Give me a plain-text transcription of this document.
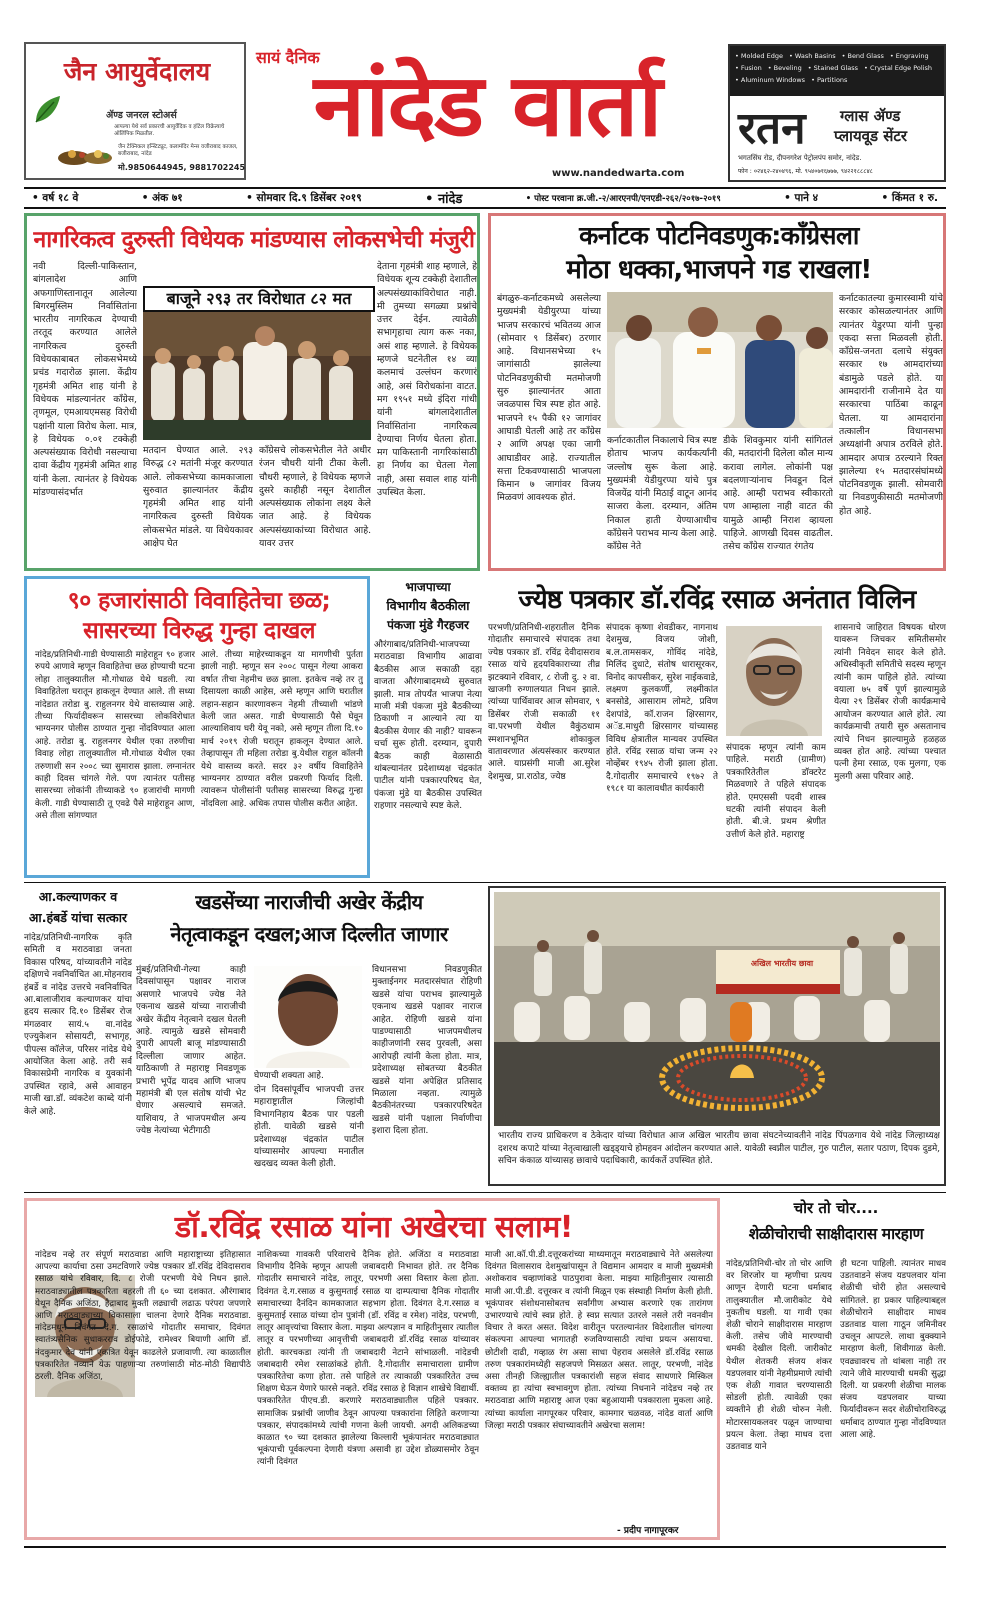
जैन आयुर्वेदालय
ॲण्ड जनरल स्टोअर्स
आपल्या येथे सर्व प्रकारची आयुर्वेदिक व हॉटेल विक्रेत्याचे ऑलिंपिक मिळतील.
जैन टेक्निकल इन्स्टिट्यूट, कलामंदिर मेन्स वजीराबाद काजल, बजीराबाद, नांदेड
मो.9850644945, 9881702245
सायं दैनिक
नांदेड वार्ता
www.nandedwarta.com
• Molded Edge • Wash Basins • Bend Glass • Engraving• Fusion • Beveling • Stained Glass • Crystal Edge Polish• Aluminum Windows • Partitions
रतन ग्लास ॲण्ड
प्लायवूड सेंटर
भगतसिंघ रोड, दीपनगरेश पेट्रोलपंप समोर, नांदेड.
फोन : ०२४६२-२४०४९६, मो. ९५४०७१६७७७, ९४२२१८८८४८
• वर्ष १८ वे	• अंक ७१	• सोमवार दि.९ डिसेंबर २०१९	• नांदेड	• पोस्ट परवाना क्र.जी.-२/आरएनपी/एनएडी-२६२/२०१७-२०१९	• पाने ४	• किंमत १ रु.
नागरिकत्व दुरुस्ती विधेयक मांडण्यास लोकसभेची मंजुरी
नवी दिल्ली-पाकिस्तान, बांगलादेश आणि अफगाणिस्तानातून आलेल्या बिगरमुस्लिम निर्वासितांना भारतीय नागरिकत्व देण्याची तरतूद करण्यात आलेले नागरिकत्व दुरुस्ती विधेयकाबाबत लोकसभेमध्ये प्रचंड गदारोळ झाला. केंद्रीय गृहमंत्री अमित शाह यांनी हे विधेयक मांडल्यानंतर काँग्रेस, तृणमूल, एमआयएमसह विरोधी पक्षांनी याला विरोध केला. मात्र, हे विधेयक ०.०१ टक्केही अल्पसंख्याक विरोधी नसल्याचा दावा केंद्रीय गृहमंत्री अमित शाह यांनी केला. त्यानंतर हे विधेयक मांडण्यासंदर्भात
बाजूने २९३ तर विरोधात ८२ मत
मतदान घेण्यात आले. २९३ विरुद्ध ८२ मतांनी मंजूर करण्यात आले. लोकसभेच्या कामकाजाला सुरुवात झाल्यानंतर केंद्रीय गृहमंत्री अमित शाह यांनी नागरिकत्व दुरुस्ती विधेयक लोकसभेत मांडले. या विधेयकावर आक्षेप घेत
काँग्रेसचे लोकसभेतील नेते अधीर रंजन चौधरी यांनी टीका केली. चौधरी म्हणाले, हे विधेयक म्हणजे दुसरे काहीही नसून देशातील अल्पसंख्याक लोकांना लक्ष्य केले जात आहे. हे विधेयक अल्पसंख्याकांच्या विरोधात आहे. यावर उत्तर
देताना गृहमंत्री शाह म्हणाले, हे विधेयक शून्य टक्केही देशातील अल्पसंख्याकांविरोधात नाही. मी तुमच्या सगळ्या प्रश्नांचे उत्तर देईन. त्यावेळी सभागृहाचा त्याग करू नका, असं शाह म्हणाले. हे विधेयक म्हणजे घटनेतील १४ व्या कलमाचं उल्लंघन करणारं आहे, असं विरोधकांना वाटत. मग १९५१ मध्ये इंदिरा गांधी यांनी बांगलादेशातील निर्वासितांना नागरिकत्व देण्याचा निर्णय घेतला होता. मग पाकिस्तानी नागरिकांसाठी हा निर्णय का घेतला गेला नाही, असा सवाल शाह यांनी उपस्थित केला.
कर्नाटक पोटनिवडणुक:काँग्रेसला
मोठा धक्का,भाजपने गड राखला!
बंगळुरु-कर्नाटकमध्ये असलेल्या मुख्यमंत्री येडीयुरप्पा यांच्या भाजप सरकारचं भवितव्य आज (सोमवार ९ डिसेंबर) ठरणार आहे. विधानसभेच्या १५ जागांसाठी झालेल्या पोटनिवडणुकीची मतमोजणी सुरु झाल्यानंतर आता जवळपास चित्र स्पष्ट होत आहे. भाजपने १५ पैकी १२ जागांवर आघाडी घेतली आहे तर काँग्रेस २ आणि अपक्ष एका जागी आघाडीवर आहे. राज्यातील सत्ता टिकवण्यासाठी भाजपला किमान ७ जागांवर विजय मिळवणं आवश्यक होतं.
कर्नाटकातील निकालाचे चित्र स्पष्ट होताच भाजप कार्यकर्त्यांनी जल्लोष सुरू केला आहे. मुख्यमंत्री येडीयुरप्पा यांचे पुत्र विजयेंद्र यांनी मिठाई वाटून आनंद साजरा केला. दरम्यान, अंतिम निकाल हाती येण्याआधीच काँग्रेसने पराभव मान्य केला आहे. काँग्रेस नेते
डीके शिवकुमार यांनी सांगितलं की, मतदारांनी दिलेला कौल मान्य करावा लागेल. लोकांनी पक्ष बदलणाऱ्यांनाच निवडून दिलं आहे. आम्ही पराभव स्वीकारतो पण आम्हाला नाही वाटत की यामुळे आम्ही निराश व्हायला पाहिजे. आणखी दिवस वाढतील. तसेच काँग्रेस राज्यात रंगतेय
कर्नाटकातल्या कुमारस्वामी यांचे सरकार कोसळल्यानंतर आणि त्यानंतर येडुरप्पा यांनी पुन्हा एकदा सत्ता मिळवली होती. काँग्रेस-जनता दलाचे संयुक्त सरकार १७ आमदारांच्या बंडामुळे पडले होते. या आमदारांनी राजीनामे देत या सरकारचा पाठिंबा काढून घेतला. या आमदारांना तत्कालीन विधानसभा अध्यक्षांनी अपात्र ठरविले होते. आमदार अपात्र ठरल्याने रिक्त झालेल्या १५ मतदारसंघांमध्ये पोटनिवडणूक झाली. सोमवारी या निवडणुकीसाठी मतमोजणी होत आहे.
९० हजारांसाठी विवाहितेचा छळ;
सासरच्या विरुद्ध गुन्हा दाखल
नांदेड/प्रतिनिधी-गाडी घेण्यासाठी माहेराहून ९० हजार रुपये आणावे म्हणून विवाहितेचा छळ होण्याची घटना लोहा तालुक्यातील मौ.गोधाळ येथे घडली. त्या विवाहितेला घरातून हाकलून देण्यात आले. ती सध्या नांदेडात तरोडा बु. राहुलनगर येथे वास्तव्यास आहे. तीच्या फिर्यादीवरून सासरच्या लोकविरोधात भाग्यनगर पोलीस ठाण्यात गुन्हा नोंदविण्यात आला आहे. तरोडा बु. राहुलनगर येथील एका तरुणीचा विवाह लोहा तालुक्यातील मौ.गोधाळ येथील एका तरुणाशी सन २००८ च्या सुमारास झाला. लग्नानंतर काही दिवस चांगले गेले. पण त्यानंतर पतीसह सासरच्या लोकांनी तीच्याकडे ९० हजारांची मागणी केली. गाडी घेण्यासाठी तू एवढे पैसे माहेराहून आण, असे तीला सांगण्यात
आले. तीच्या माहेरच्याकडून या मागणीची पुर्तता झाली नाही. म्हणून सन २००८ पासून गेल्या आकरा वर्षात तीचा नेहमीच छळ झाला. इतकेच नव्हे तर तु दिसायला काळी आहेस, असे म्हणून आणि घरातील लहान-सहान कारणावरून नेहमी तीच्याशी भांडणे केली जात असत. गाडी घेण्यासाठी पैसे घेवून आल्याशिवाय घरी येवू नको, असे म्हणून तीला दि.१० मार्च २०१९ रोजी घरातून हाकलून देण्यात आले. तेव्हापासून ती महिला तरोडा बु.येथील राहुल कॉलनी येथे वास्तव्य करते. सदर ३२ वर्षीय विवाहितेने भाग्यनगर ठाण्यात वरील प्रकरणी फिर्याद दिली. त्यावरून पोलीसांनी पतीसह सासरच्या विरुद्ध गुन्हा नोंदविला आहे. अधिक तपास पोलीस करीत आहेत.
भाजपाच्या
विभागीय बैठकीला
पंकजा मुंडे गैरहजर
औरंगाबाद/प्रतिनिधी-भाजपच्या मराठवाडा विभागीय आढावा बैठकीस आज सकाळी दहा वाजता औरंगाबादमध्ये सुरुवात झाली. मात्र तोपर्यंत भाजपा नेत्या माजी मंत्री पंकजा मुंडे बैठकीच्या ठिकाणी न आल्याने त्या या बैठकीस येणार की नाही? यावरून चर्चा सुरू होती. दरम्यान, दुपारी बैठक काही वेळासाठी थांबल्यानंतर प्रदेशाध्यक्ष चंद्रकांत पाटील यांनी पत्रकारपरिषद घेत, पंकजा मुंडे या बैठकीस उपस्थित राहणार नसल्याचे स्पष्ट केले.
ज्येष्ठ पत्रकार डॉ.रविंद्र रसाळ अनंतात विलिन
परभणी/प्रतिनिधी-शहरातील दैनिक गोदातीर समाचारचे संपादक तथा ज्येष्ठ पत्रकार डॉ. रविंद्र देवीदासराव रसाळ यांचे हृदयविकाराच्या तीव्र झटक्याने रविवार, ८ रोजी दु. २ वा. खाजगी रुग्णालयात निधन झाले. त्यांच्या पार्थिवावर आज सोमवार, ९ डिसेंबर रोजी सकाळी ११ वा.परभणी येथील वैकुंठधाम स्मशानभूमित शोकाकुल वातावरणात अंत्यसंस्कार करण्यात आले. याप्रसंगी माजी आ.सुरेश देशमुख, प्रा.राठोड, ज्येष्ठ
संपादक कृष्णा शेवडीकर, नागनाथ देशमुख, विजय जोशी, ब.ल.तामसकर, गोविंद नांदेडे, मिलिंद दुधाटे, संतोष धारासूरकर, विनोद कापसीकर, सुरेश नाईकवाडे, लक्ष्मण कुलकर्णी, लक्ष्मीकांत बनसोडे, आसाराम लोमटे, प्रविण देशपांडे, कॉ.राजन क्षिरसागर, अॅड.माधुरी क्षिरसागर यांच्यासह विविध क्षेत्रातील मान्यवर उपस्थित होते. रविंद्र रसाळ यांचा जन्म २२ नोव्हेंबर १९४५ रोजी झाला होता. दै.गोदातीर समाचारचे १९७२ ते १९८१ या कालावधीत कार्यकारी
संपादक म्हणून त्यांनी काम पाहिले. मराठी (ग्रामीण) पत्रकारितेतील डॉक्टरेट मिळवणारे ते पहिले संपादक होते. एमएससी पदवी शास्त्र घटकी त्यांनी संपादन केली होती. बी.जे. प्रथम श्रेणीत उत्तीर्ण केले होते. महाराष्ट्र
शासनाचे जाहिरात विषयक धोरण यावरून जिचकर समितीसमोर त्यांनी निवेदन सादर केले होते. अधिस्वीकृती समितीचे सदस्य म्हणून त्यांनी काम पाहिले होते. त्यांच्या वयाला ७५ वर्षे पूर्ण झाल्यामुळे येत्या २९ डिसेंबर रोजी कार्यक्रमाचे आयोजन करण्यात आले होते. त्या कार्यक्रमाची तयारी सुरु असतानाच त्यांचे निधन झाल्यामुळे हळहळ व्यक्त होत आहे. त्यांच्या पश्चात पत्नी हेमा रसाळ, एक मुलगा, एक मुलगी असा परिवार आहे.
आ.कल्याणकर व
आ.हंबर्डे यांचा सत्कार
नांदेड/प्रतिनिधी-नागरिक कृति समिती व मराठवाडा जनता विकास परिषद, यांच्यावतीने नांदेड दक्षिणचे नवनिर्वाचित आ.मोहनराव हंबर्डे व नांदेड उत्तरचे नवनिर्वाचित आ.बालाजीराव कल्याणकर यांचा हृदय सत्कार दि.१० डिसेंबर रोज मंगळवार सायं.५ वा.नांदेड एज्युकेशन सोसायटी, सभागृह, पीपल्स कॉलेज, परिसर नांदेड येथे आयोजित केला आहे. तरी सर्व विकासप्रेमी नागरिक व युवकांनी उपस्थित रहावे, असे आवाहन माजी खा.डॉ. व्यंकटेश काब्दे यांनी केले आहे.
खडसेंच्या नाराजीची अखेर केंद्रीय
नेतृत्वाकडून दखल;आज दिल्लीत जाणार
मुंबई/प्रतिनिधी-गेल्या काही दिवसांपासून पक्षावर नाराज असणारे भाजपचे ज्येष्ठ नेते एकनाथ खडसे यांच्या नाराजीची अखेर केंद्रीय नेतृत्वाने दखल घेतली आहे. त्यामुळे खडसे सोमवारी दुपारी आपली बाजू मांडण्यासाठी दिल्लीला जाणार आहेत. याठिकाणी ते महाराष्ट्र निवडणूक प्रभारी भूपेंद्र यादव आणि भाजप महामंत्री बी एल संतोष यांची भेट घेणार असल्याचे समजते. याशिवाय, ते भाजपमधील अन्य ज्येष्ठ नेत्यांच्या भेटीगाठी
घेण्याची शक्यता आहे.
दोन दिवसांपूर्वीच भाजपची उत्तर महाराष्ट्रातील जिल्हांची विभागनिहाय बैठक पार पडली होती. यावेळी खडसे यांनी प्रदेशाध्यक्ष चंद्रकांत पाटील यांच्यासमोर आपल्या मनातील खदखद व्यक्त केली होती.
विधानसभा निवडणुकीत मुक्ताईनगर मतदारसंघात रोहिणी खडसे यांचा पराभव झाल्यामुळे एकनाथ खडसे पक्षावर नाराज आहेत. रोहिणी खडसे यांना पाडण्यासाठी भाजपमधीलच काहीजणांनी रसद पुरवली, असा आरोपही त्यांनी केला होता. मात्र, प्रदेशाध्यक्ष सोबतच्या बैठकीत खडसे यांना अपेक्षित प्रतिसाद मिळाला नव्हता. त्यामुळे बैठकीनंतरच्या पत्रकारपरिषदेत खडसे यांनी पक्षाला निर्वाणीचा इशारा दिला होता.
अखिल भारतीय छावा
भारतीय राज्य प्राधिकरण व ठेकेदार यांच्या विरोधात आज अखिल भारतीय छावा संघटनेच्यावतीने नांदेड पिंपळगाव येथे नांदेड जिल्हाध्यक्ष दशरथ कपाटे यांच्या नेतृत्वाखाली खड्ड्याचे होमहवन आंदोलन करण्यात आले. यावेळी स्वप्नील पाटील, गुरु पाटील, सतार पठाण, दिपक दुडमे, सचिन कंकाळ यांच्यासह छावाचे पदाधिकारी, कार्यकर्ते उपस्थित होते.
डॉ.रविंद्र रसाळ यांना अखेरचा सलाम!
नांदेडच नव्हे तर संपूर्ण मराठवाडा आणि महाराष्ट्राच्या इतिहासात आपल्या कार्याचा ठसा उमटविणारे ज्येष्ठ पत्रकार डॉ.रविंद्र देविदासराव रसाळ यांचे रविवार, दि. ८ रोजी परभणी येथे निधन झाले. मराठवाड्यातील पत्रकारिता बहरली ती ६० च्या दशकात. औरंगाबाद येथून दैनिक अजिंठा, हैद्राबाद मुक्ती लढ्याची लढाऊ परंपरा जपणारे आणि मराठवाड्याच्या विकासाला चालना देणारे दैनिक मराठवाडा. नांदेडमधून दिवंगत दे.ग. रसाळांचे गोदातीर समाचार, दिवंगत स्वातंत्र्यसैनिक सुधाकरराव डोईफोडे, रामेश्वर बियाणी आणि डॉ. नंदकुमार देव यांनी एकत्रित येवून काढलेले प्रजावाणी. त्या काळातील पत्रकारितेत नव्याने येऊ पाहणाऱ्या तरुणांसाठी मोठ-मोठी विद्यापीठे ठरली. दैनिक अजिंठा,
नाशिकच्या गावकरी परिवाराचे दैनिक होते. अजिंठा व मराठवाडा विभागीय दैनिके म्हणून आपली जबाबदारी निभावत होते. तर दैनिक गोदातीर समाचारने नांदेड, लातूर, परभणी असा विस्तार केला होता. दिवंगत दे.ग.रसाळ व कुसुमताई रसाळ या दाम्पत्याचा दैनिक गोदातीर समाचारच्या दैनंदिन कामकाजात सहभाग होता. दिवंगत दे.ग.रसाळ व कुसुमताई रसाळ यांच्या दोन पुत्रांनी (डॉ. रविंद्र व रमेश) नांदेड, परभणी, लातूर आवृत्त्यांचा विस्तार केला. माझ्या अल्पज्ञान व माहितीनुसार त्यातील लातूर व परभणीच्या आवृत्तीची जबाबदारी डॉ.रविंद्र रसाळ यांच्यावर होती. कारचकडा त्यांनी ती जबाबदारी नेटाने सांभाळली. नांदेडची जबाबदारी रमेश रसाळांकडे होती. दै.गोदातीर समाचाराला ग्रामीण पत्रकारितेचा कणा होता. तसे पाहिले तर त्याकाळी पत्रकारितेत उच्च शिक्षण घेऊन येणारे फारसे नव्हते. रविंद्र रसाळ हे विज्ञान शाखेचे विद्यार्थी. पत्रकारितेत पीएच.डी. करणारे मराठवाड्यातील पहिले पत्रकार. सामाजिक प्रश्नांची जाणीव ठेवून आपल्या पत्रकारांना लिहिते करणाऱ्या पत्रकार, संपादकांमध्ये त्यांची गणना केली जायची. अगदी अलिकडच्या काळात ९० च्या दशकात झालेल्या किल्लारी भूकंपानंतर मराठवाड्यात भूकंपाची पूर्वकल्पना देणारी यंत्रणा असावी हा उद्देश डोळ्यासमोर ठेवून त्यांनी दिवंगत
माजी आ.कॉ.पी.डी.दत्तूरकरांच्या माध्यमातून मराठवाड्याचे नेते असलेल्या दिवंगत विलासराव देशमुखांपासून ते विद्यमान आमदार व माजी मुख्यमंत्री अशोकराव चव्हाणांकडे पाठपुरावा केला. माझ्या माहितीनुसार त्यासाठी माजी आ.पी.डी. दत्तूरकर व त्यांनी मिळून एक संस्थाही निर्माण केली होती. भूकंपावर संशोधनासोबतच सर्वांगीण अभ्यास करणारे एक तारांगण उभारण्याचे त्यांचे स्वप्न होते. हे स्वप्न सत्यात उतरले नसले तरी नवनवीन विचार ते करत असत. विदेश वारीतून परतल्यानंतर विदेशातील चांगल्या संकल्पना आपल्या भागातही रुजविण्यासाठी त्यांचा प्रयत्न असायचा. छोटीशी दाढी, गव्हाळ रंग असा साधा पेहराव असलेले डॉ.रविंद्र रसाळ तरुण पत्रकारांमध्येही सहजपणे मिसळत असत. लातूर, परभणी, नांदेड असा तीनही जिल्ह्यातील पत्रकारांशी सहज संवाद साधणारे मिस्किल वक्तव्य हा त्यांचा स्वभावगुण होता. त्यांच्या निधनाने नांदेडच नव्हे तर मराठवाडा आणि महाराष्ट्र आज एका बहुआयामी पत्रकाराला मुकला आहे. त्यांच्या कार्याला नागपूरकर परिवार, कामगार चळवळ, नांदेड वार्ता आणि जिल्हा मराठी पत्रकार संघाच्यावतीने अखेरचा सलाम!
- प्रदीप नागापूरकर
चोर तो चोर....
शेळीचोराची साक्षीदारास मारहाण
नांदेड/प्रतिनिधी-चोर तो चोर आणि वर शिरजोर या म्हणीचा प्रत्यय आणून देणारी घटना धर्माबाद तालुक्यातील मौ.जारीकोट येथे नुकतीच घडली. या गावी एका शेळी चोराने साक्षीदारास मारहाण केली. तसेच जीवे मारण्याची धमकी देखील दिली. जारीकोट येथील शेतकरी संजय शंकर यडपलवार यांनी नेहमीप्रमाणे त्यांची एक शेळी गावात चरण्यासाठी सोडली होती. त्यावेळी एका व्यक्तीने ही शेळी चोरुन नेली. मोटारसायकलवर पळून जाण्याचा प्रयत्न केला. तेव्हा माधव दत्ता उडतवाड याने
ही घटना पाहिली. त्यानंतर माधव उडतवाडने संजय यडपलवार यांना शेळीची चोरी होत असल्याचे सांगितले. हा प्रकार पाहिल्याबद्दल शेळीचोराने साक्षीदार माधव उडतवाड याला गाठून जमिनीवर उचलून आपटले. लाथा बुक्क्याने मारहाण केली, शिवीगाळ केली. एवढ्यावरच तो थांबला नाही तर त्याने जीवे मारण्याची धमकी सुद्धा दिली. या प्रकरणी शेळीचा मालक संजय यडपलवार याच्या फिर्यादीवरून सदर शेळीचोराविरुद्ध धर्माबाद ठाण्यात गुन्हा नोंदविण्यात आला आहे.
